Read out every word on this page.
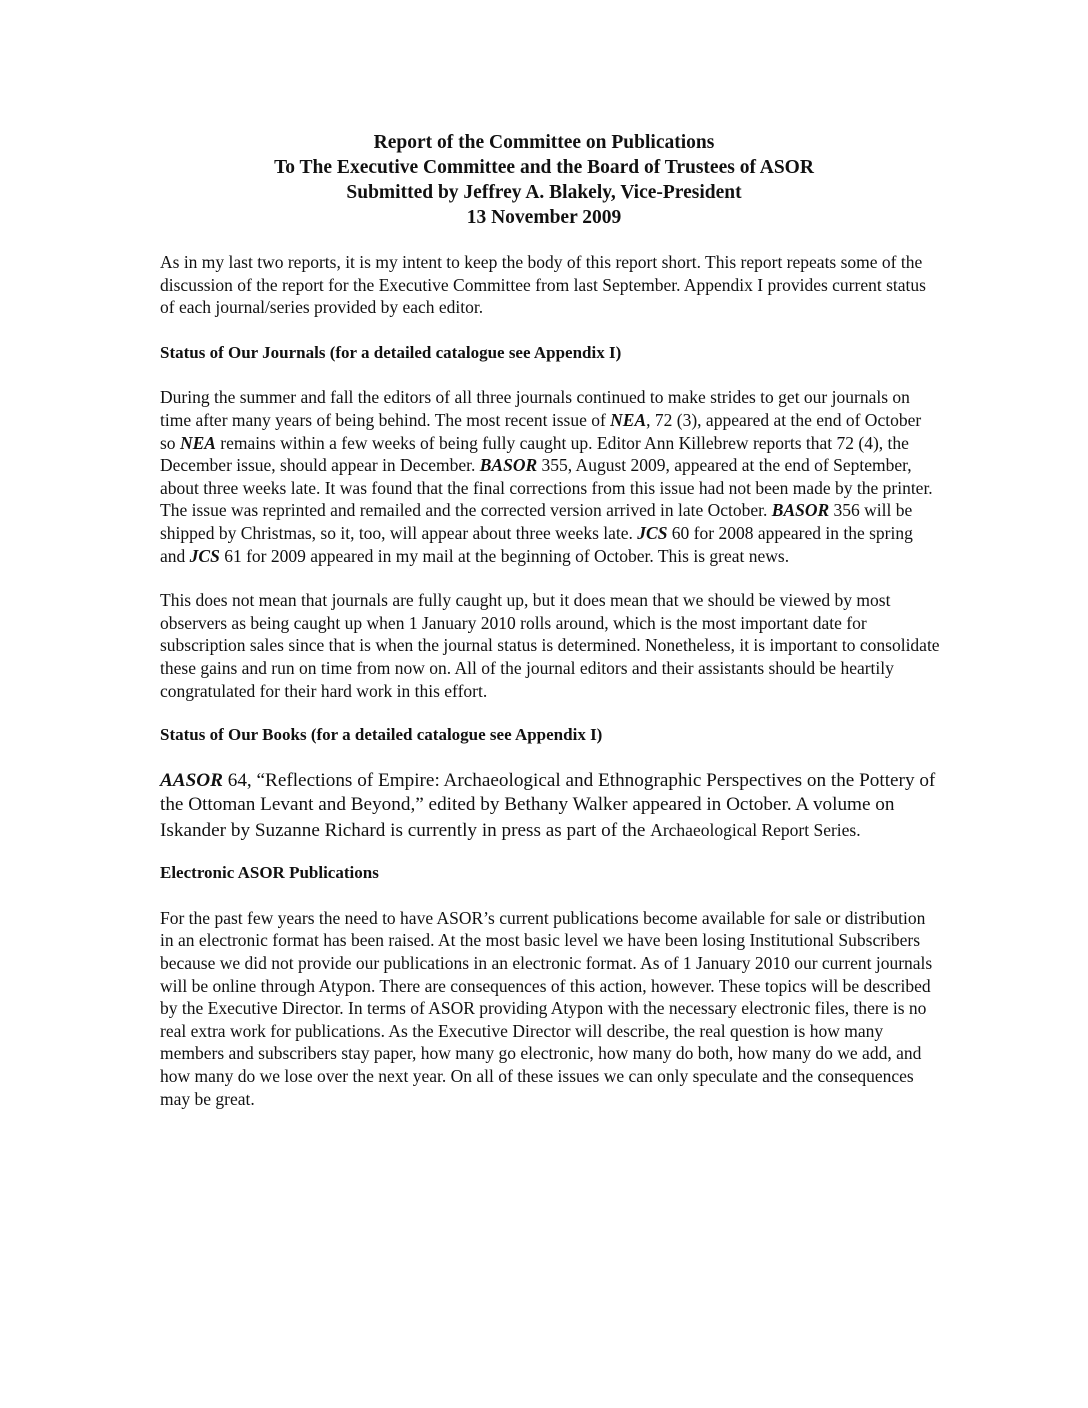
Report of the Committee on Publications
To The Executive Committee and the Board of Trustees of ASOR
Submitted by Jeffrey A. Blakely, Vice-President
13 November 2009

As in my last two reports, it is my intent to keep the body of this report short. This report repeats some of the discussion of the report for the Executive Committee from last September. Appendix I provides current status of each journal/series provided by each editor.

Status of Our Journals (for a detailed catalogue see Appendix I)

During the summer and fall the editors of all three journals continued to make strides to get our journals on time after many years of being behind. The most recent issue of NEA, 72 (3), appeared at the end of October so NEA remains within a few weeks of being fully caught up. Editor Ann Killebrew reports that 72 (4), the December issue, should appear in December. BASOR 355, August 2009, appeared at the end of September, about three weeks late. It was found that the final corrections from this issue had not been made by the printer. The issue was reprinted and remailed and the corrected version arrived in late October. BASOR 356 will be shipped by Christmas, so it, too, will appear about three weeks late. JCS 60 for 2008 appeared in the spring and JCS 61 for 2009 appeared in my mail at the beginning of October. This is great news.

This does not mean that journals are fully caught up, but it does mean that we should be viewed by most observers as being caught up when 1 January 2010 rolls around, which is the most important date for subscription sales since that is when the journal status is determined. Nonetheless, it is important to consolidate these gains and run on time from now on. All of the journal editors and their assistants should be heartily congratulated for their hard work in this effort.

Status of Our Books (for a detailed catalogue see Appendix I)

AASOR 64, “Reflections of Empire: Archaeological and Ethnographic Perspectives on the Pottery of the Ottoman Levant and Beyond,” edited by Bethany Walker appeared in October. A volume on Iskander by Suzanne Richard is currently in press as part of the Archaeological Report Series.

Electronic ASOR Publications

For the past few years the need to have ASOR’s current publications become available for sale or distribution in an electronic format has been raised. At the most basic level we have been losing Institutional Subscribers because we did not provide our publications in an electronic format. As of 1 January 2010 our current journals will be online through Atypon. There are consequences of this action, however. These topics will be described by the Executive Director. In terms of ASOR providing Atypon with the necessary electronic files, there is no real extra work for publications. As the Executive Director will describe, the real question is how many members and subscribers stay paper, how many go electronic, how many do both, how many do we add, and how many do we lose over the next year. On all of these issues we can only speculate and the consequences may be great.
